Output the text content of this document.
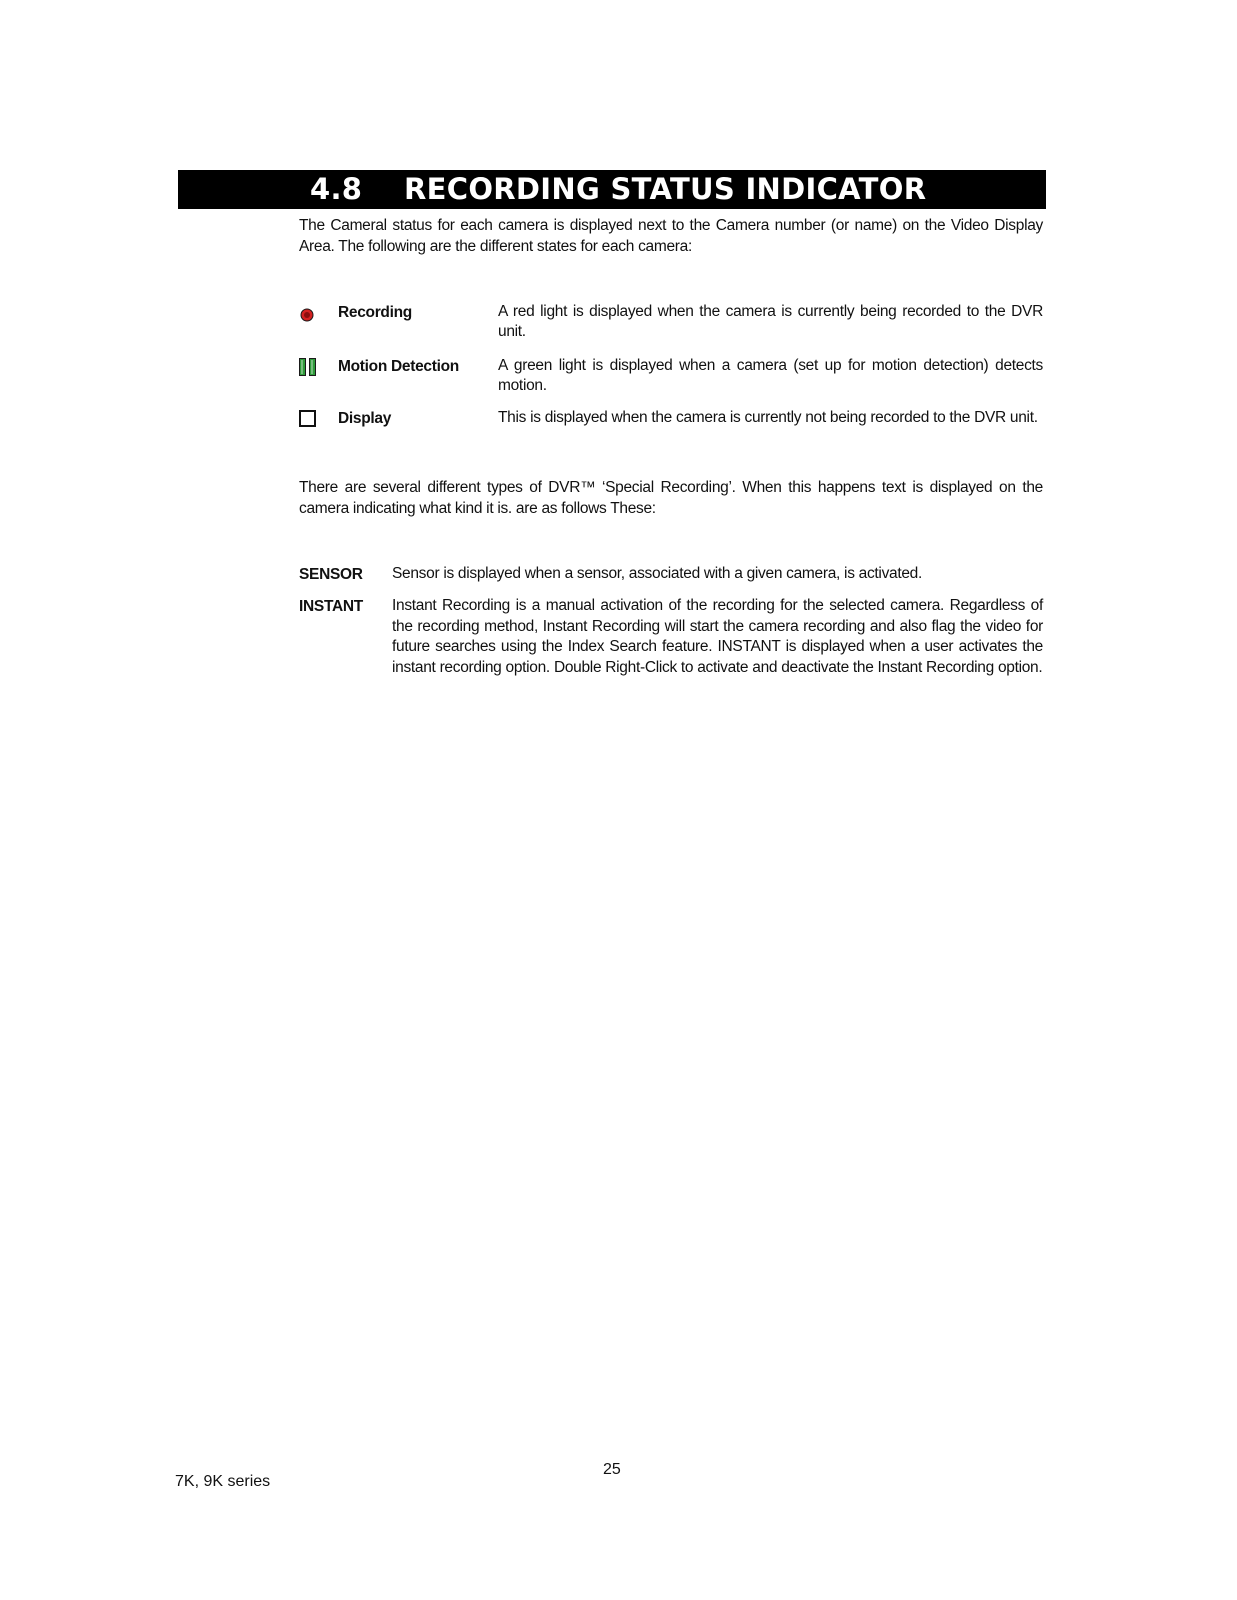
4.8 RECORDING STATUS INDICATOR

The Cameral status for each camera is displayed next to the Camera number (or name) on the Video Display Area. The following are the different states for each camera:

Recording	A red light is displayed when the camera is currently being recorded to the DVR unit.
Motion Detection	A green light is displayed when a camera (set up for motion detection) detects motion.
Display	This is displayed when the camera is currently not being recorded to the DVR unit.

There are several different types of DVR™ ‘Special Recording’. When this happens text is displayed on the camera indicating what kind it is. are as follows These:

SENSOR Sensor is displayed when a sensor, associated with a given camera, is activated.
INSTANT Instant Recording is a manual activation of the recording for the selected camera. Regardless of the recording method, Instant Recording will start the camera recording and also flag the video for future searches using the Index Search feature. INSTANT is displayed when a user activates the instant recording option. Double Right-Click to activate and deactivate the Instant Recording option.
25
7K, 9K series
